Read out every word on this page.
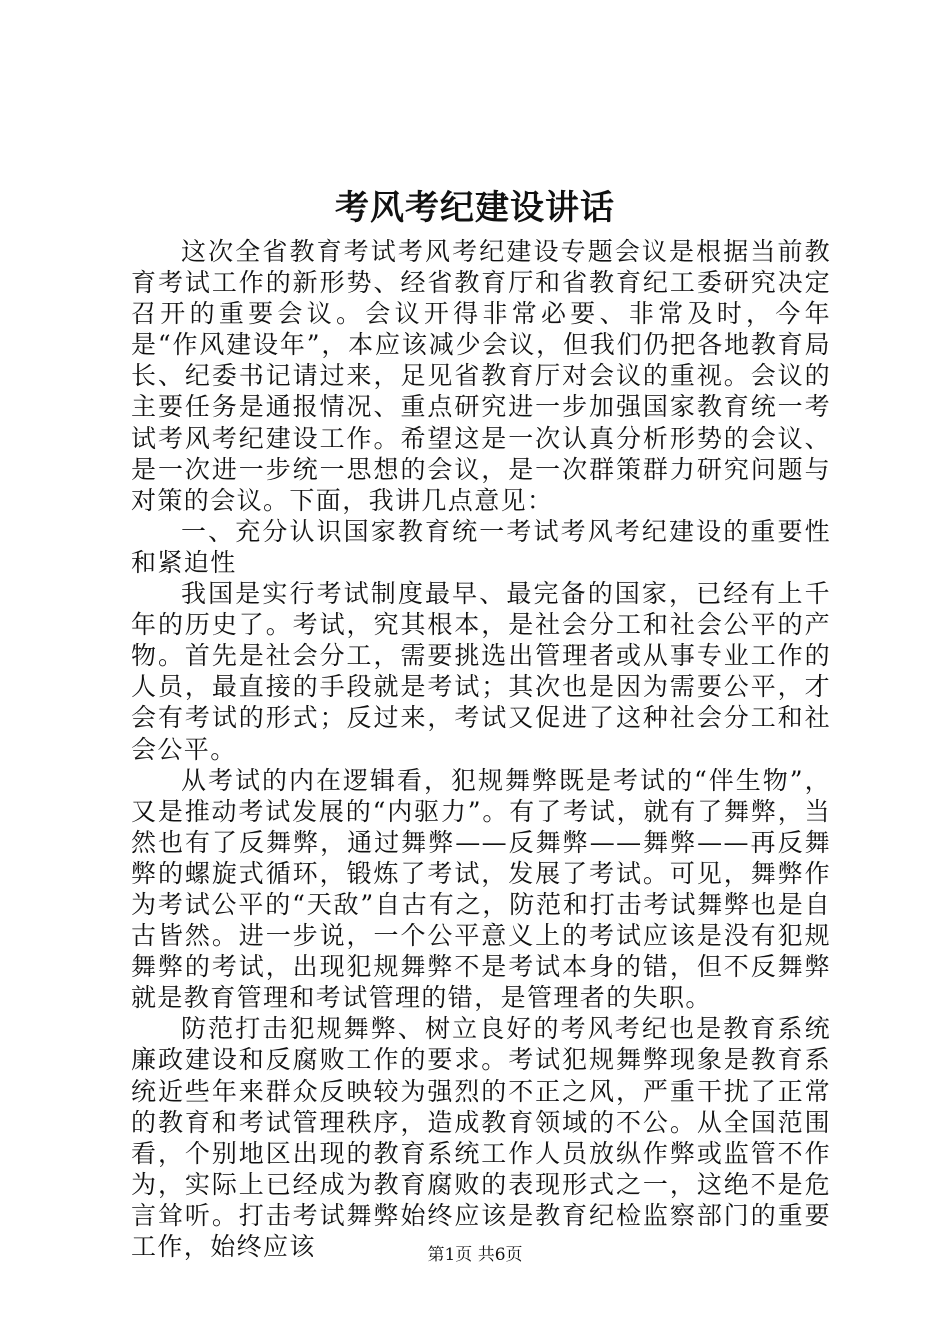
考风考纪建设讲话

这次全省教育考试考风考纪建设专题会议是根据当前教育考试工作的新形势、经省教育厅和省教育纪工委研究决定召开的重要会议。会议开得非常必要、非常及时，今年是“作风建设年”，本应该减少会议，但我们仍把各地教育局长、纪委书记请过来，足见省教育厅对会议的重视。会议的主要任务是通报情况、重点研究进一步加强国家教育统一考试考风考纪建设工作。希望这是一次认真分析形势的会议、是一次进一步统一思想的会议，是一次群策群力研究问题与对策的会议。下面，我讲几点意见：

一、充分认识国家教育统一考试考风考纪建设的重要性和紧迫性

我国是实行考试制度最早、最完备的国家，已经有上千年的历史了。考试，究其根本，是社会分工和社会公平的产物。首先是社会分工，需要挑选出管理者或从事专业工作的人员，最直接的手段就是考试；其次也是因为需要公平，才会有考试的形式；反过来，考试又促进了这种社会分工和社会公平。

从考试的内在逻辑看，犯规舞弊既是考试的“伴生物”，又是推动考试发展的“内驱力”。有了考试，就有了舞弊，当然也有了反舞弊，通过舞弊——反舞弊——舞弊——再反舞弊的螺旋式循环，锻炼了考试，发展了考试。可见，舞弊作为考试公平的“天敌”自古有之，防范和打击考试舞弊也是自古皆然。进一步说，一个公平意义上的考试应该是没有犯规舞弊的考试，出现犯规舞弊不是考试本身的错，但不反舞弊就是教育管理和考试管理的错，是管理者的失职。

防范打击犯规舞弊、树立良好的考风考纪也是教育系统廉政建设和反腐败工作的要求。考试犯规舞弊现象是教育系统近些年来群众反映较为强烈的不正之风，严重干扰了正常的教育和考试管理秩序，造成教育领域的不公。从全国范围看，个别地区出现的教育系统工作人员放纵作弊或监管不作为，实际上已经成为教育腐败的表现形式之一，这绝不是危言耸听。打击考试舞弊始终应该是教育纪检监察部门的重要工作，始终应该	第1页 共6页
